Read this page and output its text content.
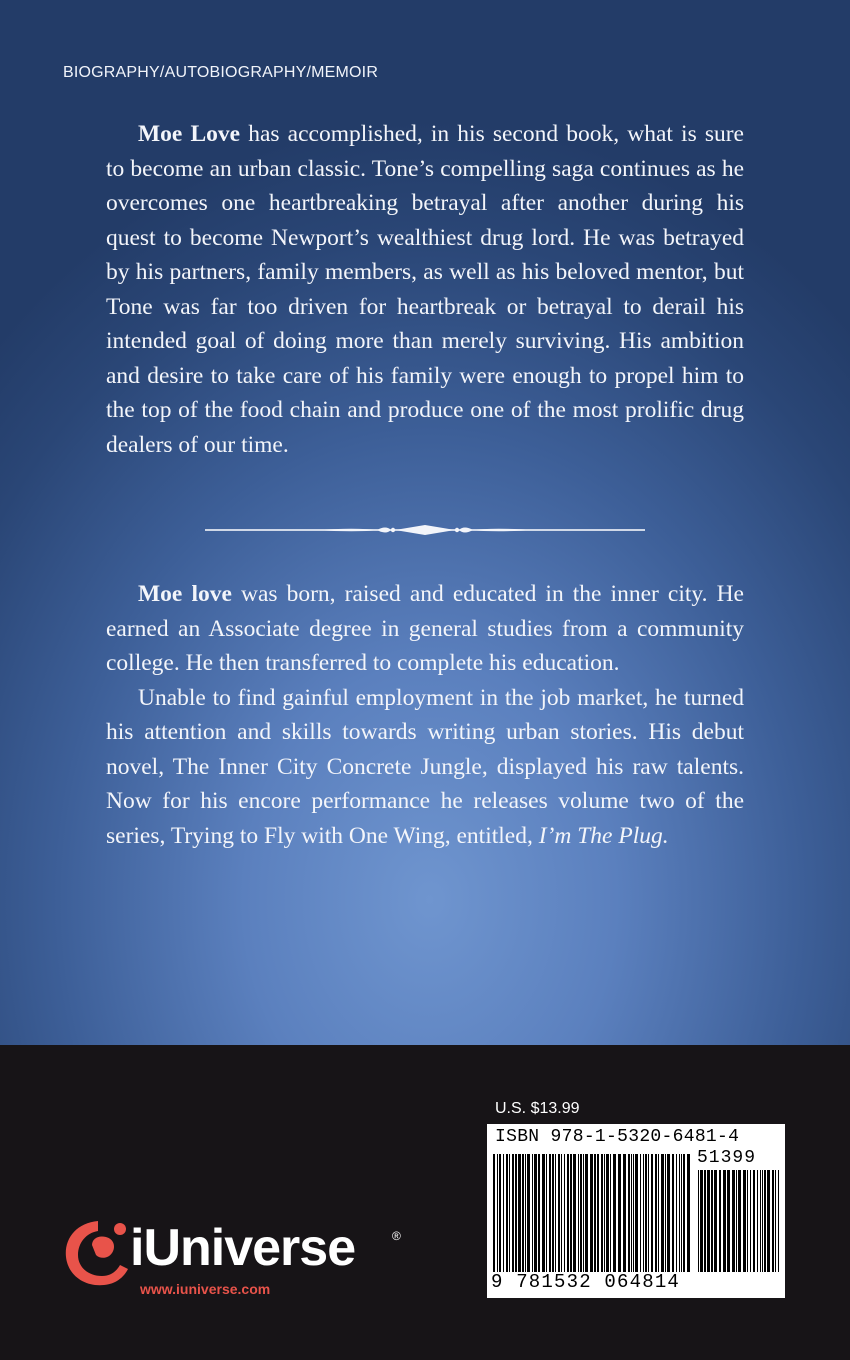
BIOGRAPHY/AUTOBIOGRAPHY/MEMOIR

Moe Love has accomplished, in his second book, what is sure to become an urban classic. Tone’s compelling saga continues as he overcomes one heartbreaking betrayal after another during his quest to become Newport’s wealthiest drug lord. He was betrayed by his partners, family members, as well as his beloved mentor, but Tone was far too driven for heartbreak or betrayal to derail his intended goal of doing more than merely surviving. His ambition and desire to take care of his family were enough to propel him to the top of the food chain and produce one of the most prolific drug dealers of our time.

Moe love was born, raised and educated in the inner city. He earned an Associate degree in general studies from a community college. He then transferred to complete his education.

Unable to find gainful employment in the job market, he turned his attention and skills towards writing urban stories. His debut novel, The Inner City Concrete Jungle, displayed his raw talents. Now for his encore performance he releases volume two of the series, Trying to Fly with One Wing, entitled, I’m The Plug.

U.S. $13.99
ISBN 978-1-5320-6481-4
51399
9 781532 064814
iUniverse	®
www.iuniverse.com
